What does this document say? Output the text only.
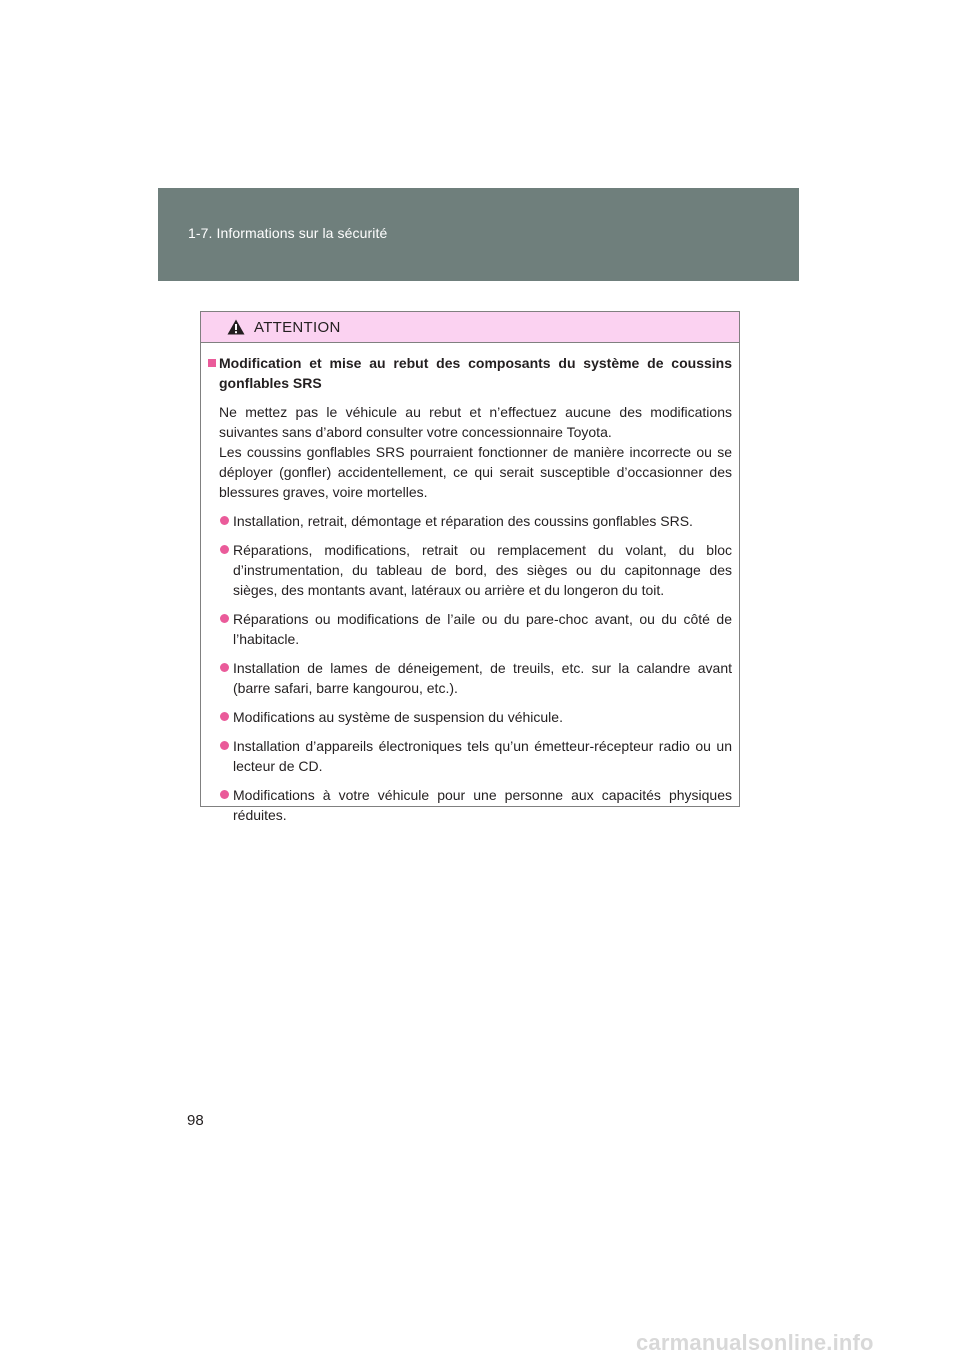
1-7. Informations sur la sécurité
ATTENTION
Modification et mise au rebut des composants du système de coussins gonflables SRS
Ne mettez pas le véhicule au rebut et n’effectuez aucune des modifications suivantes sans d’abord consulter votre concessionnaire Toyota.
Les coussins gonflables SRS pourraient fonctionner de manière incorrecte ou se déployer (gonfler) accidentellement, ce qui serait susceptible d’occasionner des blessures graves, voire mortelles.
Installation, retrait, démontage et réparation des coussins gonflables SRS.
Réparations, modifications, retrait ou remplacement du volant, du bloc d’instrumentation, du tableau de bord, des sièges ou du capitonnage des sièges, des montants avant, latéraux ou arrière et du longeron du toit.
Réparations ou modifications de l’aile ou du pare-choc avant, ou du côté de l’habitacle.
Installation de lames de déneigement, de treuils, etc. sur la calandre avant (barre safari, barre kangourou, etc.).
Modifications au système de suspension du véhicule.
Installation d’appareils électroniques tels qu’un émetteur-récepteur radio ou un lecteur de CD.
Modifications à votre véhicule pour une personne aux capacités physiques réduites.
98
carmanualsonline.info
